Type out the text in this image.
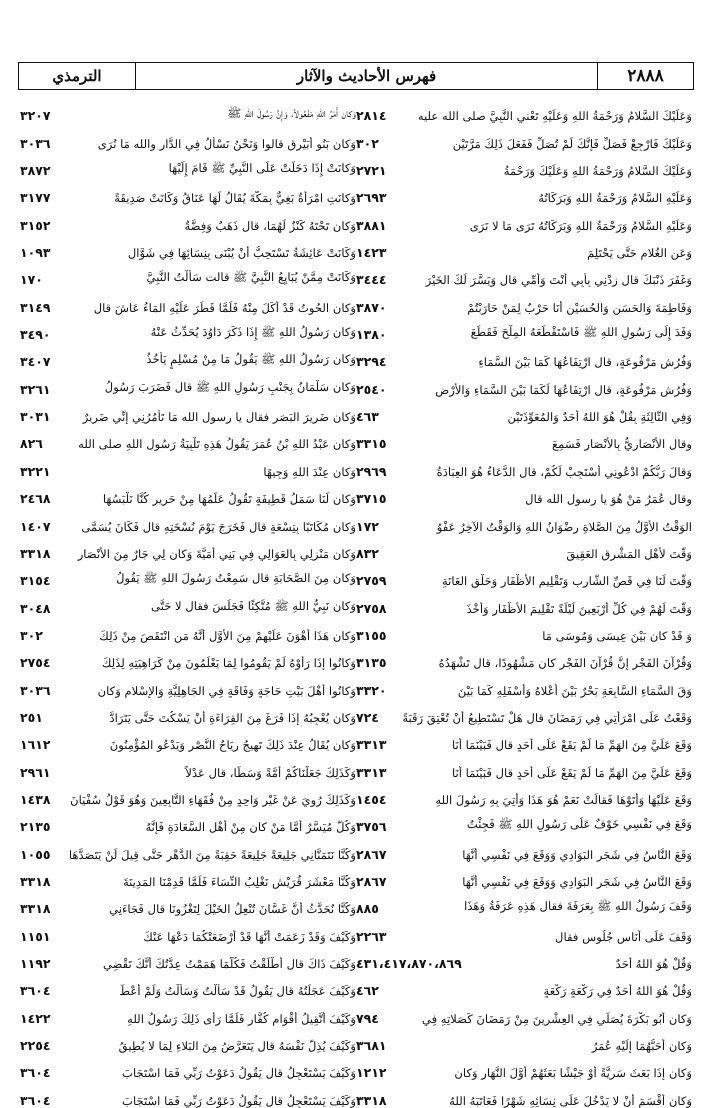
٢٨٨٨
فهرس الأحاديث والآثار
الترمذي
وَعَلَيْكَ السَّلامُ وَرَحْمَةُ اللهِ وَعَلَيْهِ تَعْني النَّبِيَّ صلى الله عليه
٢٨١٤
وَعَلَيْكَ فَارْجِعْ فَصَلِّ فَإِنَّكَ لَمْ تُصَلِّ فَفَعَلَ ذَلِكَ مَرَّتَيْنِ
٣٠٢
وَعَلَيْكَ السَّلامُ وَرَحْمَةُ اللهِ وَعَلَيْكَ وَرَحْمَةُ
٢٧٢١
وَعَلَيْهِ السَّلامُ وَرَحْمَةُ اللهِ وَبَرَكَاتُهُ
٢٦٩٣
وَعَلَيْهِ السَّلامُ وَرَحْمَةُ اللهِ وَبَرَكَاتُهُ تَرَى مَا لا نَرَى
٣٨٨١
وَعَنِ الغُلامِ حَتَّى يَحْتَلِمَ
١٤٢٣
وَغَفَرَ ذَنْبَكَ قال زِدْنِي بِأَبِي أَنْتَ وَأُمِّي قال وَيَسَّرَ لَكَ الخَيْرَ
٣٤٤٤
وَفَاطِمَةَ وَالحَسَنِ وَالحُسَيْنِ أَنَا حَرْبٌ لِمَنْ حَارَبْتُمْ
٣٨٧٠
وَفَدَ إِلَى رَسُولِ اللهِ ﷺ فَاسْتَقْطَعَهُ المِلْحَ فَقَطَعَ
١٣٨٠
وَفُرُشٍ مَرْفُوعَةٍ، قال ارْتِفَاعُهَا كَمَا بَيْنَ السَّمَاءِ
٣٢٩٤
وَفُرُشٍ مَرْفُوعَةٍ، قال ارْتِفَاعُهَا لَكَمَا بَيْنَ السَّمَاءِ وَالأَرْضِ
٢٥٤٠
وَفِي الثَّالِثَةِ بِقُلْ هُوَ اللهُ أَحَدٌ وَالمُعَوِّذَتَيْنِ
٤٦٣
وقال الأَنْصَارِيُّ بِالأَنْصَارِ فَسَمِعَ
٣٣١٥
وَقالَ رَبُّكُمْ ادْعُونِي أَسْتَجِبْ لَكُمْ، قال الدُّعَاءُ هُوَ العِبَادَةُ
٢٩٦٩
وقال عُمَرُ مَنْ هُوَ يا رسول الله قال
٣٧١٥
الوَقْتُ الأَوَّلُ مِنَ الصَّلاةِ رِضْوَانُ اللهِ وَالوَقْتُ الآخِرُ عَفْوُ
١٧٢
وَقَّتَ لأَهْلِ المَشْرِقِ العَقِيقَ
٨٣٢
وَقَّتَ لَنَا فِي قَصِّ الشَّارِبِ وَتَقْلِيمِ الأَظْفَارِ وَحَلْقِ العَانَةِ
٢٧٥٩
وَقَّتَ لَهُمْ فِي كُلِّ أَرْبَعِينَ لَيْلَةً تَقْلِيمَ الأَظْفَارِ وَأَخْذَ
٢٧٥٨
وَ قَدْ كان بَيْنَ عِيسَى وَمُوسَى مَا
٣١٥٥
وَقُرْآنَ الفَجْرِ إِنَّ قُرْآنَ الفَجْرِ كان مَشْهُودًا، قال تَشْهَدُهُ
٣١٣٥
وَقَ السَّمَاءِ السَّابِعَةِ بَحْرٌ بَيْنَ أَعْلاهُ وَأَسْفَلِهِ كَمَا بَيْنَ
٣٣٢٠
وَقَعْتُ عَلَى امْرَأَتِي فِي رَمَضَانَ قال هَلْ تَسْتَطِيعُ أَنْ تُعْتِقَ رَقَبَةً
٧٢٤
وَقَعَ عَلَيَّ مِنَ الهَمِّ مَا لَمْ يَقَعْ عَلَى أَحَدٍ قال فَبَيْنَمَا أَنَا
٣٣١٣
وَقَعَ عَلَيَّ مِنَ الهَمِّ مَا لَمْ يَقَعْ عَلَى أَحَدٍ قال فَبَيْنَمَا أَنَا
٣٣١٣
وَقَعَ عَلَيْهَا وَأَتَوْهَا فَقالَتْ نَعَمْ هُوَ هَذَا وَأُتِيَ بِهِ رَسُولَ اللهِ
١٤٥٤
وَقَعَ فِي نَفْسِي خَوْفٌ عَلَى رَسُولِ اللهِ ﷺ فَجِئْتُ
٣٧٥٦
وَقَعَ النَّاسُ فِي شَجَرِ البَوَادِي وَوَقَعَ فِي نَفْسِي أَنَّهَا
٢٨٦٧
وَقَعَ النَّاسُ فِي شَجَرِ البَوَادِي وَوَقَعَ فِي نَفْسِي أَنَّهَا
٢٨٦٧
وَقَفَ رَسُولُ اللهِ ﷺ بِعَرَفَةَ فقال هَذِهِ عَرَفَةُ وَهَذَا
٨٨٥
وَقَفَ عَلَى أُنَاسٍ جُلُوسٍ فقال
٢٢٦٣
وَقُلْ هُوَ اللهُ أَحَدٌ
٤٣١،٤١٧،٨٧٠،٨٦٩
وَقُلْ هُوَ اللهُ أَحَدٌ فِي رَكْعَةٍ رَكْعَةٍ
٤٦٢
وَكان أَبُو بَكْرَةَ يُصَلِّي فِي العِشْرِينَ مِنْ رَمَضَانَ كَصَلاتِهِ فِي
٧٩٤
وَكان أَحَبُّهُمَا إِلَيْهِ عُمَرُ
٣٦٨١
وَكان إِذَا بَعَثَ سَرِيَّةً أَوْ جَيْشًا بَعَثَهُمْ أَوَّلَ النَّهَارِ وَكان
١٢١٢
وَكان أَقْسَمَ أَنْ لا يَدْخُلَ عَلَى نِسَائِهِ شَهْرًا فَعَاتَبَهُ اللهُ
٣٣١٨
وَكان أَمْرُ اللهِ مَفْعُولاً، وَإِنَّ رَسُولَ اللهِ ﷺ
٣٢٠٧
وَكان بَنُو أُبَيْرِقٍ قالوا وَنَحْنُ نَسْأَلُ فِي الدَّارِ والله مَا نُرَى
٣٠٣٦
وَكانَتْ إِذَا دَخَلَتْ عَلَى النَّبِيِّ ﷺ قَامَ إِلَيْهَا
٣٨٧٢
وَكانَتِ امْرَأَةٌ بَغِيٌّ بِمَكَّةَ يُقَالُ لَهَا عَنَاقُ وَكَانَتْ صَدِيقَةً
٣١٧٧
وَكان تَحْتَهُ كَنْزٌ لَهُمَا، قال ذَهَبٌ وَفِضَّةٌ
٣١٥٢
وَكَانَتْ عَائِشَةُ تَسْتَحِبُّ أَنْ يُبْنَى بِنِسَائِهَا فِي شَوَّالٍ
١٠٩٣
وَكَانَتْ مِمَّنْ يُبَايِعُ النَّبِيَّ ﷺ قالت سَأَلْتُ النَّبِيَّ
١٧٠
وَكان الحُوتُ قَدْ أَكَلَ مِنْهُ فَلَمَّا قَطَرَ عَلَيْهِ المَاءُ عَاشَ قال
٣١٤٩
وَكان رَسُولُ اللهِ ﷺ إِذَا ذَكَرَ دَاوُدَ يُحَدِّثُ عَنْهُ
٣٤٩٠
وَكان رَسُولُ اللهِ ﷺ يَقُولُ مَا مِنْ مُسْلِمٍ يَأْخُذُ
٣٤٠٧
وَكان سَلْمَانُ بِجَنْبِ رَسُولِ اللهِ ﷺ قال فَضَرَبَ رَسُولُ
٣٢٦١
وَكان ضَرِيرَ البَصَرِ فقال يا رسول الله مَا تَأْمُرُنِي إِنِّي ضَرِيرٌ
٣٠٣١
وَكان عَبْدُ اللهِ بْنُ عُمَرَ يَقُولُ هَذِهِ تَلْبِيَةُ رَسُولِ اللهِ صلى الله
٨٢٦
وَكان عِنْدَ اللهِ وَجِيهًا
٣٢٢١
وَكان لَنَا سَمَلُ قَطِيفَةٍ تَقُولُ عَلَمُهَا مِنْ حَرِيرٍ كُنَّا نَلْبَسُهَا
٢٤٦٨
وَكان مُكَاتَبًا بِتِسْعَةٍ قال فَخَرَجَ يَوْمَ نُسْخَتِهِ قال فَكَانَ يُسَمَّى
١٤٠٧
وَكان مَنْزِلِي بِالعَوَالِي فِي بَنِي أُمَيَّةَ وَكان لِي جَارٌ مِنَ الأَنْصَارِ
٣٣١٨
وَكان مِنَ الصَّحَابَةِ قال سَمِعْتُ رَسُولَ اللهِ ﷺ يَقُولُ
٣١٥٤
وَكان نَبِيُّ اللهِ ﷺ مُتَّكِئًا فَجَلَسَ فقال لا حَتَّى
٣٠٤٨
وَكان هَذَا أَهْوَنَ عَلَيْهِمْ مِنَ الأَوَّلِ أَنَّهُ مَنِ انْتَقَصَ مِنْ ذَلِكَ
٣٠٢
وَكانُوا إِذَا رَأَوْهُ لَمْ يَقُومُوا لِمَا يَعْلَمُونَ مِنْ كَرَاهِيَتِهِ لِذَلِكَ
٢٧٥٤
وَكانُوا أَهْلَ بَيْتِ حَاجَةٍ وَفَاقَةٍ فِي الجَاهِلِيَّةِ وَالإِسْلامِ وَكان
٣٠٣٦
وَكان يُعْجِبُهُ إِذَا فَرَغَ مِنَ القِرَاءَةِ أَنْ يَسْكُتَ حَتَّى يَتَرَادَّ
٢٥١
وَكان يُقَالُ عِنْدَ ذَلِكَ تَهِيجُ رِيَاحُ النَّصْرِ وَيَدْعُو المُؤْمِنُونَ
١٦١٢
وَكَذَلِكَ جَعَلْنَاكُمْ أُمَّةً وَسَطًا، قال عَدْلاً
٢٩٦١
وَكَذَلِكَ رُوِيَ عَنْ غَيْرِ وَاحِدٍ مِنْ فُقَهَاءِ التَّابِعِينَ وَهُوَ قَوْلُ سُفْيَانَ
١٤٣٨
وَكُلٌّ مُيَسَّرٌ أَمَّا مَنْ كان مِنْ أَهْلِ السَّعَادَةِ فَإِنَّهُ
٢١٣٥
وَكُنَّا نَتَمَنَّانِي جَلِيعَةً جَلِيعَةً حَقِبَةً مِنَ الدَّهْرِ حَتَّى قِيلَ لَنْ يَتَصَدَّهَا
١٠٥٥
وَكُنَّا مَعْشَرَ قُرَيْشٍ نَغْلِبُ النِّسَاءَ فَلَمَّا قَدِمْنَا المَدِينَةَ
٣٣١٨
وَكُنَّا نُحَدَّثُ أَنَّ غَسَّانَ تُنْعِلُ الخَيْلَ لِتَغْزُونَا قال فَجَاءَنِي
٣٣١٨
وَكَيْفَ وَقَدْ زَعَمَتْ أَنَّهَا قَدْ أَرْضَعَتْكُمَا دَعْهَا عَنْكَ
١١٥١
وَكَيْفَ ذَاكَ قال أَطْلَقْتُ فَكُلَّمَا هَمَمْتُ عِدَّتُكَ أَنَّكَ تَقْضِي
١١٩٢
وَكَيْفَ عَجَلَتُهُ قال يَقُولُ قَدْ سَأَلْتُ وَسَأَلْتُ وَلَمْ أُعْطَ
٣٦٠٤
وَكَيْفَ أَتَّقِيلُ أَقْوَامٍ كُفَّارٍ فَلَمَّا رَأَى ذَلِكَ رَسُولُ اللهِ
١٤٢٢
وَكَيْفَ يُذِلُّ نَفْسَهُ قال يَتَعَرَّضُ مِنَ البَلاءِ لِمَا لا يُطِيقُ
٢٢٥٤
وَكَيْفَ يَسْتَعْجِلُ قال يَقُولُ دَعَوْتُ رَبِّي فَمَا اسْتَجَابَ
٣٦٠٤
وَكَيْفَ يَسْتَعْجِلُ قال يَقُولُ دَعَوْتُ رَبِّي فَمَا اسْتَجَابَ
٣٦٠٤
